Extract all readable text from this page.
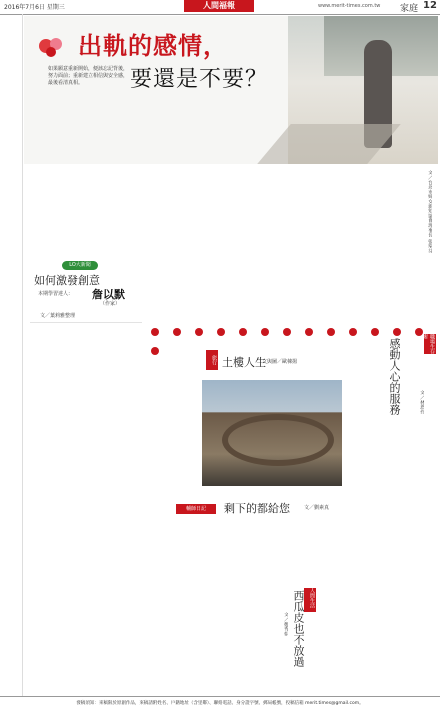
2016年7月6日 星期三	人間福報	www.merit-times.com.tw 家庭 12
出軌的感情，
要還是不要？
如果願意重新開始，便該忘記背後，努力面前；重新建立相信與安全感，最後看清真相。
文／台北市婦女新知協會理事長 張瑞芬
LO大新聞
如何激發創意
本期學習達人： 詹以默
（作家）
文／葉莉雅整理
旅行 土樓人生
文與圖／歐棟揚
職場生存術
感動人心的服務	文／林恩伶
輔師日記	剩下的都給您	文／劉素真
人間生活
西瓜皮也不放過
文／鄭秀娟
發稿須知：來稿限於原創作品，來稿請附姓名、戶籍地址（含里鄰）、聯絡電話、身分證字號、郵局帳號，投稿信箱 merit.times@gmail.com。
